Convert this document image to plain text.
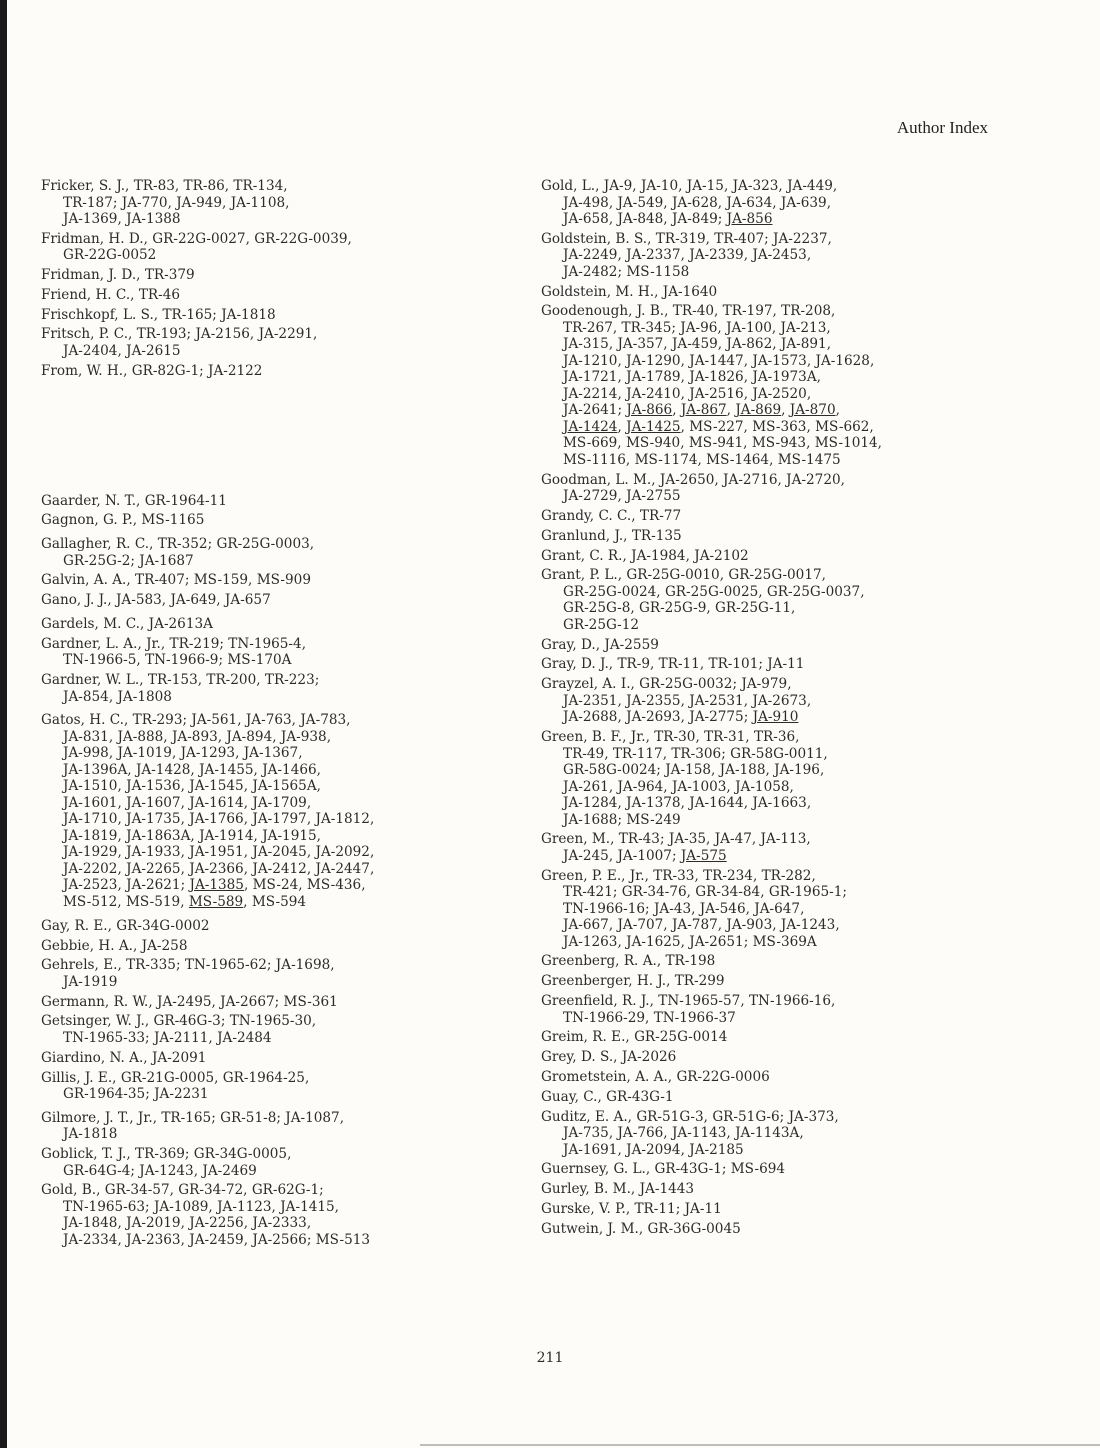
Author Index
Fricker, S. J., TR-83, TR-86, TR-134,
TR-187; JA-770, JA-949, JA-1108,
JA-1369, JA-1388
Fridman, H. D., GR-22G-0027, GR-22G-0039,
GR-22G-0052
Fridman, J. D., TR-379
Friend, H. C., TR-46
Frischkopf, L. S., TR-165; JA-1818
Fritsch, P. C., TR-193; JA-2156, JA-2291,
JA-2404, JA-2615
From, W. H., GR-82G-1; JA-2122
Gaarder, N. T., GR-1964-11
Gagnon, G. P., MS-1165
Gallagher, R. C., TR-352; GR-25G-0003,
GR-25G-2; JA-1687
Galvin, A. A., TR-407; MS-159, MS-909
Gano, J. J., JA-583, JA-649, JA-657
Gardels, M. C., JA-2613A
Gardner, L. A., Jr., TR-219; TN-1965-4,
TN-1966-5, TN-1966-9; MS-170A
Gardner, W. L., TR-153, TR-200, TR-223;
JA-854, JA-1808
Gatos, H. C., TR-293; JA-561, JA-763, JA-783,
JA-831, JA-888, JA-893, JA-894, JA-938,
JA-998, JA-1019, JA-1293, JA-1367,
JA-1396A, JA-1428, JA-1455, JA-1466,
JA-1510, JA-1536, JA-1545, JA-1565A,
JA-1601, JA-1607, JA-1614, JA-1709,
JA-1710, JA-1735, JA-1766, JA-1797, JA-1812,
JA-1819, JA-1863A, JA-1914, JA-1915,
JA-1929, JA-1933, JA-1951, JA-2045, JA-2092,
JA-2202, JA-2265, JA-2366, JA-2412, JA-2447,
JA-2523, JA-2621; JA-1385, MS-24, MS-436,
MS-512, MS-519, MS-589, MS-594
Gay, R. E., GR-34G-0002
Gebbie, H. A., JA-258
Gehrels, E., TR-335; TN-1965-62; JA-1698,
JA-1919
Germann, R. W., JA-2495, JA-2667; MS-361
Getsinger, W. J., GR-46G-3; TN-1965-30,
TN-1965-33; JA-2111, JA-2484
Giardino, N. A., JA-2091
Gillis, J. E., GR-21G-0005, GR-1964-25,
GR-1964-35; JA-2231
Gilmore, J. T., Jr., TR-165; GR-51-8; JA-1087,
JA-1818
Goblick, T. J., TR-369; GR-34G-0005,
GR-64G-4; JA-1243, JA-2469
Gold, B., GR-34-57, GR-34-72, GR-62G-1;
TN-1965-63; JA-1089, JA-1123, JA-1415,
JA-1848, JA-2019, JA-2256, JA-2333,
JA-2334, JA-2363, JA-2459, JA-2566; MS-513
Gold, L., JA-9, JA-10, JA-15, JA-323, JA-449,
JA-498, JA-549, JA-628, JA-634, JA-639,
JA-658, JA-848, JA-849; JA-856
Goldstein, B. S., TR-319, TR-407; JA-2237,
JA-2249, JA-2337, JA-2339, JA-2453,
JA-2482; MS-1158
Goldstein, M. H., JA-1640
Goodenough, J. B., TR-40, TR-197, TR-208,
TR-267, TR-345; JA-96, JA-100, JA-213,
JA-315, JA-357, JA-459, JA-862, JA-891,
JA-1210, JA-1290, JA-1447, JA-1573, JA-1628,
JA-1721, JA-1789, JA-1826, JA-1973A,
JA-2214, JA-2410, JA-2516, JA-2520,
JA-2641; JA-866, JA-867, JA-869, JA-870,
JA-1424, JA-1425, MS-227, MS-363, MS-662,
MS-669, MS-940, MS-941, MS-943, MS-1014,
MS-1116, MS-1174, MS-1464, MS-1475
Goodman, L. M., JA-2650, JA-2716, JA-2720,
JA-2729, JA-2755
Grandy, C. C., TR-77
Granlund, J., TR-135
Grant, C. R., JA-1984, JA-2102
Grant, P. L., GR-25G-0010, GR-25G-0017,
GR-25G-0024, GR-25G-0025, GR-25G-0037,
GR-25G-8, GR-25G-9, GR-25G-11,
GR-25G-12
Gray, D., JA-2559
Gray, D. J., TR-9, TR-11, TR-101; JA-11
Grayzel, A. I., GR-25G-0032; JA-979,
JA-2351, JA-2355, JA-2531, JA-2673,
JA-2688, JA-2693, JA-2775; JA-910
Green, B. F., Jr., TR-30, TR-31, TR-36,
TR-49, TR-117, TR-306; GR-58G-0011,
GR-58G-0024; JA-158, JA-188, JA-196,
JA-261, JA-964, JA-1003, JA-1058,
JA-1284, JA-1378, JA-1644, JA-1663,
JA-1688; MS-249
Green, M., TR-43; JA-35, JA-47, JA-113,
JA-245, JA-1007; JA-575
Green, P. E., Jr., TR-33, TR-234, TR-282,
TR-421; GR-34-76, GR-34-84, GR-1965-1;
TN-1966-16; JA-43, JA-546, JA-647,
JA-667, JA-707, JA-787, JA-903, JA-1243,
JA-1263, JA-1625, JA-2651; MS-369A
Greenberg, R. A., TR-198
Greenberger, H. J., TR-299
Greenfield, R. J., TN-1965-57, TN-1966-16,
TN-1966-29, TN-1966-37
Greim, R. E., GR-25G-0014
Grey, D. S., JA-2026
Grometstein, A. A., GR-22G-0006
Guay, C., GR-43G-1
Guditz, E. A., GR-51G-3, GR-51G-6; JA-373,
JA-735, JA-766, JA-1143, JA-1143A,
JA-1691, JA-2094, JA-2185
Guernsey, G. L., GR-43G-1; MS-694
Gurley, B. M., JA-1443
Gurske, V. P., TR-11; JA-11
Gutwein, J. M., GR-36G-0045
211
